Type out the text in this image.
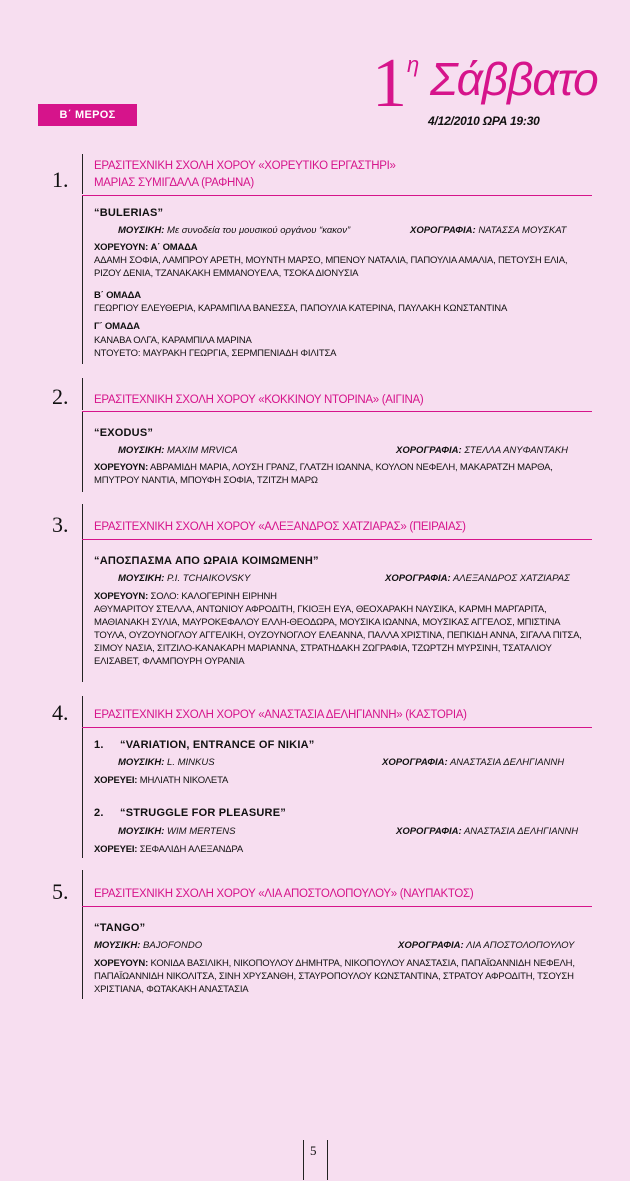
Β΄ ΜΕΡΟΣ	1 η Σάββατο
4/12/2010 ΩΡΑ 19:30
1.
ΕΡΑΣΙΤΕΧΝΙΚΗ ΣΧΟΛΗ ΧΟΡΟΥ «ΧΟΡΕΥΤΙΚΟ ΕΡΓΑΣΤΗΡΙ»
ΜΑΡΙΑΣ ΣΥΜΙΓΔΑΛΑ (ΡΑΦΗΝΑ)
“BULERIAS”
ΜΟΥΣΙΚΗ: Με συνοδεία του μουσικού οργάνου “κακον”	ΧΟΡΟΓΡΑΦΙΑ: ΝΑΤΑΣΣΑ ΜΟΥΣΚΑΤ
ΧΟΡΕΥΟΥΝ: Α΄ ΟΜΑΔΑ
ΑΔΑΜΗ ΣΟΦΙΑ, ΛΑΜΠΡΟΥ ΑΡΕΤΗ, ΜΟΥΝΤΗ ΜΑΡΣΟ, ΜΠΕΝΟΥ ΝΑΤΑΛΙΑ, ΠΑΠΟΥΛΙΑ ΑΜΑΛΙΑ, ΠΕΤΟΥΣΗ ΕΛΙΑ, ΡΙΖΟΥ ΔΕΝΙΑ, ΤΖΑΝΑΚΑΚΗ ΕΜΜΑΝΟΥΕΛΑ, ΤΣΟΚΑ ΔΙΟΝΥΣΙΑ
Β΄ ΟΜΑΔΑ
ΓΕΩΡΓΙΟΥ ΕΛΕΥΘΕΡΙΑ, ΚΑΡΑΜΠΙΛΑ ΒΑΝΕΣΣΑ, ΠΑΠΟΥΛΙΑ ΚΑΤΕΡΙΝΑ, ΠΑΥΛΑΚΗ ΚΩΝΣΤΑΝΤΙΝΑ
Γ΄ ΟΜΑΔΑ
ΚΑΝΑΒΑ ΟΛΓΑ, ΚΑΡΑΜΠΙΛΑ ΜΑΡΙΝΑ
ΝΤΟΥΕΤΟ: ΜΑΥΡΑΚΗ ΓΕΩΡΓΙΑ, ΣΕΡΜΠΕΝΙΑΔΗ ΦΙΛΙΤΣΑ
2. ΕΡΑΣΙΤΕΧΝΙΚΗ ΣΧΟΛΗ ΧΟΡΟΥ «ΚΟΚΚΙΝΟΥ ΝΤΟΡΙΝΑ» (ΑΙΓΙΝΑ)
“EXODUS”
ΜΟΥΣΙΚΗ: MAXIM MRVICA	ΧΟΡΟΓΡΑΦΙΑ: ΣΤΕΛΛΑ ΑΝΥΦΑΝΤΑΚΗ
ΧΟΡΕΥΟΥΝ: ΑΒΡΑΜΙΔΗ ΜΑΡΙΑ, ΛΟΥΣΗ ΓΡΑΝΖ, ΓΛΑΤΖΗ ΙΩΑΝΝΑ, ΚΟΥΛΟΝ ΝΕΦΕΛΗ, ΜΑΚΑΡΑΤΖΗ ΜΑΡΘΑ, ΜΠΥΤΡΟΥ ΝΑΝΤΙΑ, ΜΠΟΥΦΗ ΣΟΦΙΑ, ΤΖΙΤΖΗ ΜΑΡΩ
3. ΕΡΑΣΙΤΕΧΝΙΚΗ ΣΧΟΛΗ ΧΟΡΟΥ «ΑΛΕΞΑΝΔΡΟΣ ΧΑΤΖΙΑΡΑΣ» (ΠΕΙΡΑΙΑΣ)
“ΑΠΟΣΠΑΣΜΑ ΑΠΟ ΩΡΑΙΑ ΚΟΙΜΩΜΕΝΗ”
ΜΟΥΣΙΚΗ: P.I. TCHAIKOVSKY	ΧΟΡΟΓΡΑΦΙΑ: ΑΛΕΞΑΝΔΡΟΣ ΧΑΤΖΙΑΡΑΣ
ΧΟΡΕΥΟΥΝ: ΣΟΛΟ: ΚΑΛΟΓΕΡΙΝΗ ΕΙΡΗΝΗ
ΑΘΥΜΑΡΙΤΟΥ ΣΤΕΛΛΑ, ΑΝΤΩΝΙΟΥ ΑΦΡΟΔΙΤΗ, ΓΚΙΟΞΗ ΕΥΑ, ΘΕΟΧΑΡΑΚΗ ΝΑΥΣΙΚΑ, ΚΑΡΜΗ ΜΑΡΓΑΡΙΤΑ, ΜΑΘΙΑΝΑΚΗ ΣΥΛΙΑ, ΜΑΥΡΟΚΕΦΑΛΟΥ ΕΛΛΗ-ΘΕΟΔΩΡΑ, ΜΟΥΣΙΚΑ ΙΩΑΝΝΑ, ΜΟΥΣΙΚΑΣ ΑΓΓΕΛΟΣ, ΜΠΙΣΤΙΝΑ ΤΟΥΛΑ, ΟΥΖΟΥΝΟΓΛΟΥ ΑΓΓΕΛΙΚΗ, ΟΥΖΟΥΝΟΓΛΟΥ ΕΛΕΑΝΝΑ, ΠΑΛΛΑ ΧΡΙΣΤΙΝΑ, ΠΕΠΚΙΔΗ ΑΝΝΑ, ΣΙΓΑΛΑ ΠΙΤΣΑ, ΣΙΜΟΥ ΝΑΣΙΑ, ΣΙΤΖΙΛΟ-ΚΑΝΑΚΑΡΗ ΜΑΡΙΑΝΝΑ, ΣΤΡΑΤΗΔΑΚΗ ΖΩΓΡΑΦΙΑ, ΤΖΩΡΤΖΗ ΜΥΡΣΙΝΗ, ΤΣΑΤΑΛΙΟΥ ΕΛΙΣΑΒΕΤ, ΦΛΑΜΠΟΥΡΗ ΟΥΡΑΝΙΑ
4. ΕΡΑΣΙΤΕΧΝΙΚΗ ΣΧΟΛΗ ΧΟΡΟΥ «ΑΝΑΣΤΑΣΙΑ ΔΕΛΗΓΙΑΝΝΗ» (ΚΑΣΤΟΡΙΑ)
1. “VARIATION, ENTRANCE OF NIKIA”
ΜΟΥΣΙΚΗ: L. MINKUS	ΧΟΡΟΓΡΑΦΙΑ: ΑΝΑΣΤΑΣΙΑ ΔΕΛΗΓΙΑΝΝΗ
ΧΟΡΕΥΕΙ: ΜΗΛΙΑΤΗ ΝΙΚΟΛΕΤΑ
2. “STRUGGLE FOR PLEASURE”
ΜΟΥΣΙΚΗ: WIM MERTENS	ΧΟΡΟΓΡΑΦΙΑ: ΑΝΑΣΤΑΣΙΑ ΔΕΛΗΓΙΑΝΝΗ
ΧΟΡΕΥΕΙ: ΣΕΦΑΛΙΔΗ ΑΛΕΞΑΝΔΡΑ
5. ΕΡΑΣΙΤΕΧΝΙΚΗ ΣΧΟΛΗ ΧΟΡΟΥ «ΛΙΑ ΑΠΟΣΤΟΛΟΠΟΥΛΟΥ» (ΝΑΥΠΑΚΤΟΣ)
“TANGO”
ΜΟΥΣΙΚΗ: BAJOFONDO	ΧΟΡΟΓΡΑΦΙΑ: ΛΙΑ ΑΠΟΣΤΟΛΟΠΟΥΛΟΥ
ΧΟΡΕΥΟΥΝ: ΚΟΝΙΔΑ ΒΑΣΙΛΙΚΗ, ΝΙΚΟΠΟΥΛΟΥ ΔΗΜΗΤΡΑ, ΝΙΚΟΠΟΥΛΟΥ ΑΝΑΣΤΑΣΙΑ, ΠΑΠΑΪΩΑΝΝΙΔΗ ΝΕΦΕΛΗ, ΠΑΠΑΪΩΑΝΝΙΔΗ ΝΙΚΟΛΙΤΣΑ, ΣΙΝΗ ΧΡΥΣΑΝΘΗ, ΣΤΑΥΡΟΠΟΥΛΟΥ ΚΩΝΣΤΑΝΤΙΝΑ, ΣΤΡΑΤΟΥ ΑΦΡΟΔΙΤΗ, ΤΣΟΥΣΗ ΧΡΙΣΤΙΑΝΑ, ΦΩΤΑΚΑΚΗ ΑΝΑΣΤΑΣΙΑ
5
